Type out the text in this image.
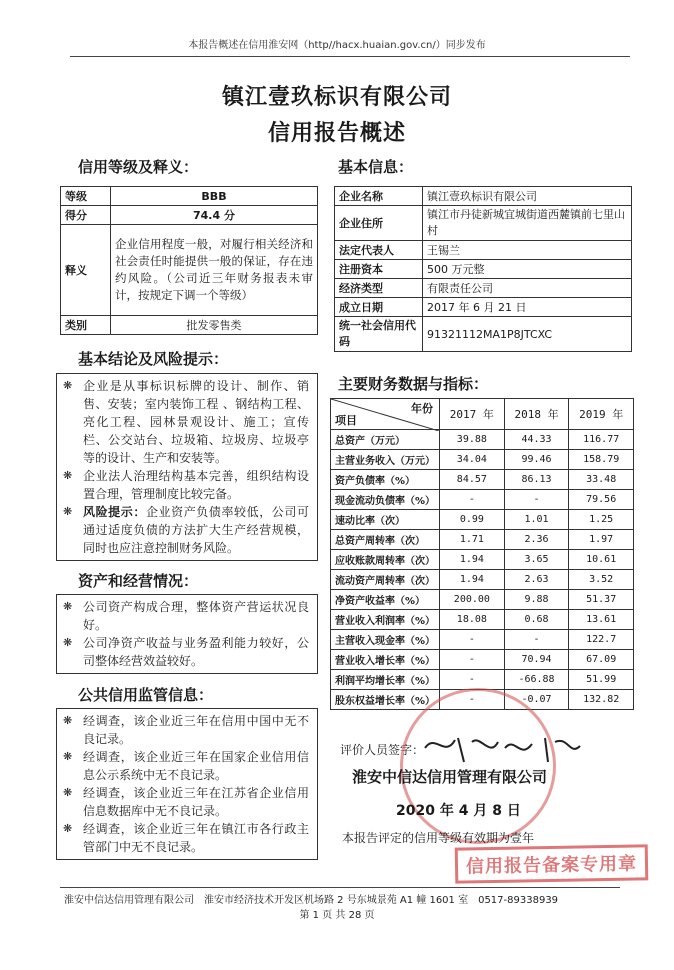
本报告概述在信用淮安网（http//hacx.huaian.gov.cn/）同步发布
镇江壹玖标识有限公司
信用报告概述
信用等级及释义：
等级	BBB
得分	74.4 分
释义	企业信用程度一般，对履行相关经济和社会责任时能提供一般的保证，存在违约风险。（公司近三年财务报表未审计，按规定下调一个等级）
类别	批发零售类
基本信息：
企业名称	镇江壹玖标识有限公司
企业住所	镇江市丹徒新城宜城街道西麓镇前七里山村
法定代表人	王锡兰
注册资本	500 万元整
经济类型	有限责任公司
成立日期	2017 年 6 月 21 日
统一社会信用代码	91321112MA1P8JTCXC
基本结论及风险提示：
❋ 企业是从事标识标牌的设计、制作、销售、安装；室内装饰工程 、钢结构工程、亮化工程、园林景观设计、施工；宣传栏、公交站台、垃圾箱、垃圾房、垃圾亭等的设计、生产和安装等。
❋ 企业法人治理结构基本完善，组织结构设置合理，管理制度比较完备。
❋ 风险提示：企业资产负债率较低，公司可通过适度负债的方法扩大生产经营规模，同时也应注意控制财务风险。
资产和经营情况：
❋ 公司资产构成合理，整体资产营运状况良好。
❋ 公司净资产收益与业务盈利能力较好，公司整体经营效益较好。
公共信用监管信息：
❋ 经调查，该企业近三年在信用中国中无不良记录。
❋ 经调查，该企业近三年在国家企业信用信息公示系统中无不良记录。
❋ 经调查，该企业近三年在江苏省企业信用信息数据库中无不良记录。
❋ 经调查，该企业近三年在镇江市各行政主管部门中无不良记录。
主要财务数据与指标：
年份
项目	2017 年	2018 年	2019 年
总资产（万元）	39.88	44.33	116.77
主营业务收入（万元）	34.04	99.46	158.79
资产负债率（%）	84.57	86.13	33.48
现金流动负债率（%）	-	-	79.56
速动比率（次）	0.99	1.01	1.25
总资产周转率（次）	1.71	2.36	1.97
应收账款周转率（次）	1.94	3.65	10.61
流动资产周转率（次）	1.94	2.63	3.52
净资产收益率（%）	200.00	9.88	51.37
营业收入利润率（%）	18.08	0.68	13.61
主营收入现金率（%）	-	-	122.7
营业收入增长率（%）	-	70.94	67.09
利润平均增长率（%）	-	-66.88	51.99
股东权益增长率（%）	-	-0.07	132.82
评价人员签字：
淮安中信达信用管理有限公司
2020 年 4 月 8 日
本报告评定的信用等级有效期为壹年
信用报告备案专用章
淮安中信达信用管理有限公司　淮安市经济技术开发区机场路 2 号东城景苑 A1 幢 1601 室　0517-89338939
第 1 页 共 28 页
